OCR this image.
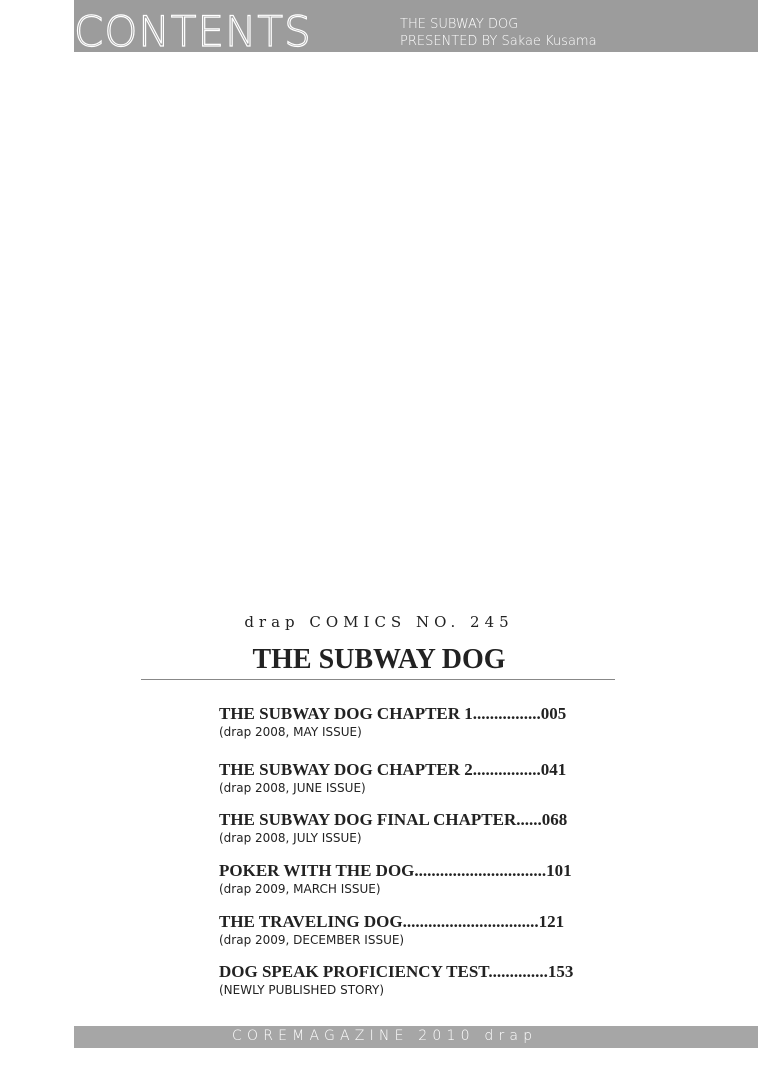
CONTENTS	THE SUBWAY DOG
PRESENTED BY Sakae Kusama
drap COMICS NO. 245
THE SUBWAY DOG
THE SUBWAY DOG CHAPTER 1................005
(drap 2008, MAY ISSUE)
THE SUBWAY DOG CHAPTER 2................041
(drap 2008, JUNE ISSUE)
THE SUBWAY DOG FINAL CHAPTER......068
(drap 2008, JULY ISSUE)
POKER WITH THE DOG...............................101
(drap 2009, MARCH ISSUE)
THE TRAVELING DOG................................121
(drap 2009, DECEMBER ISSUE)
DOG SPEAK PROFICIENCY TEST..............153
(NEWLY PUBLISHED STORY)
COREMAGAZINE 2010 drap
